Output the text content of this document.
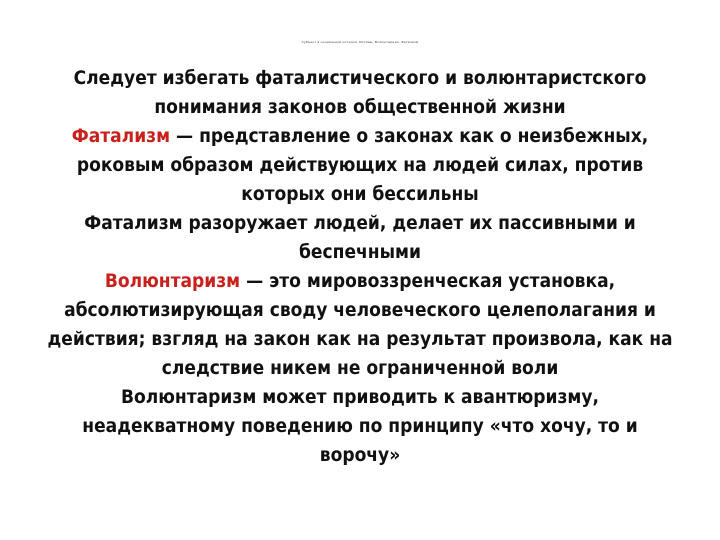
Субъект в социальной истории. Мотивы. Волюнтаризм. Фатализм

Следует избегать фаталистического и волюнтаристского понимания законов общественной жизни

Фатализм — представление о законах как о неизбежных, роковым образом действующих на людей силах, против которых они бессильны

Фатализм разоружает людей, делает их пассивными и беспечными

Волюнтаризм — это мировоззренческая установка, абсолютизирующая своду человеческого целеполагания и действия; взгляд на закон как на результат произвола, как на следствие никем не ограниченной воли

Волюнтаризм может приводить к авантюризму, неадекватному поведению по принципу «что хочу, то и ворочу»
